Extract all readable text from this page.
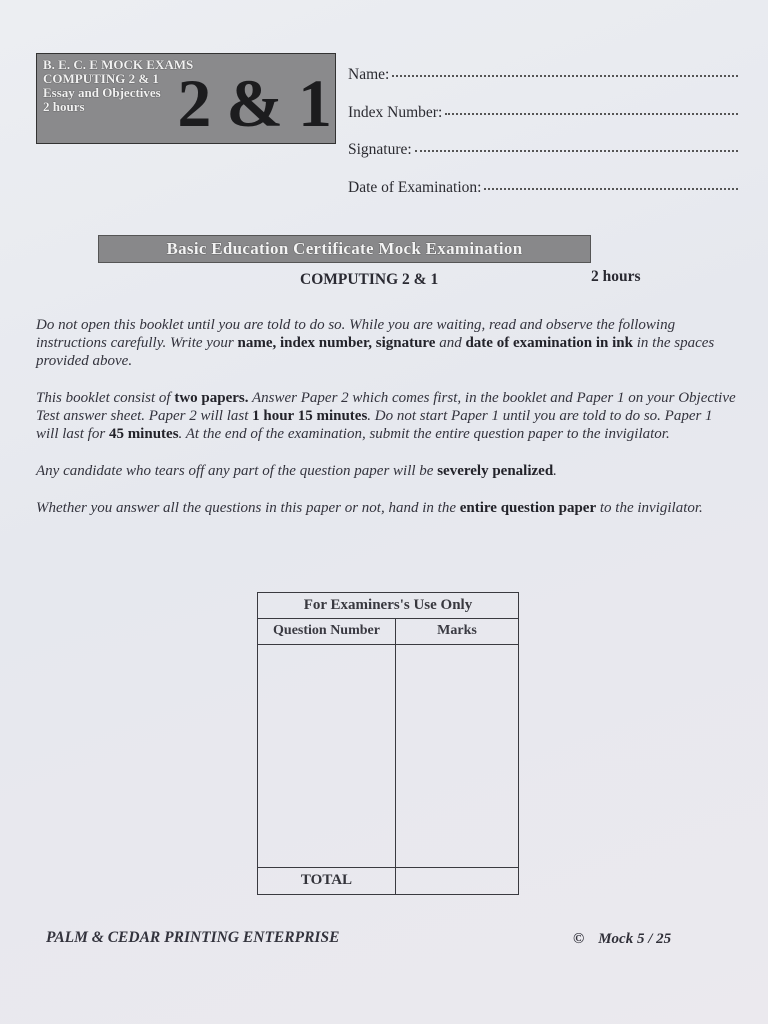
B. E. C. E MOCK EXAMS
COMPUTING 2 & 1
Essay and Objectives
2 hours	2 & 1 Name:
Index Number:
Signature:
Date of Examination:
Basic Education Certificate Mock Examination
COMPUTING 2 & 1	2 hours

Do not open this booklet until you are told to do so. While you are waiting, read and observe the following instructions carefully. Write your name, index number, signature and date of examination in ink in the spaces provided above.

This booklet consist of two papers. Answer Paper 2 which comes first, in the booklet and Paper 1 on your Objective Test answer sheet. Paper 2 will last 1 hour 15 minutes. Do not start Paper 1 until you are told to do so. Paper 1 will last for 45 minutes. At the end of the examination, submit the entire question paper to the invigilator.

Any candidate who tears off any part of the question paper will be severely penalized.

Whether you answer all the questions in this paper or not, hand in the entire question paper to the invigilator.

For Examiners's Use Only
Question Number	Marks
TOTAL
PALM & CEDAR PRINTING ENTERPRISE	© Mock 5 / 25
